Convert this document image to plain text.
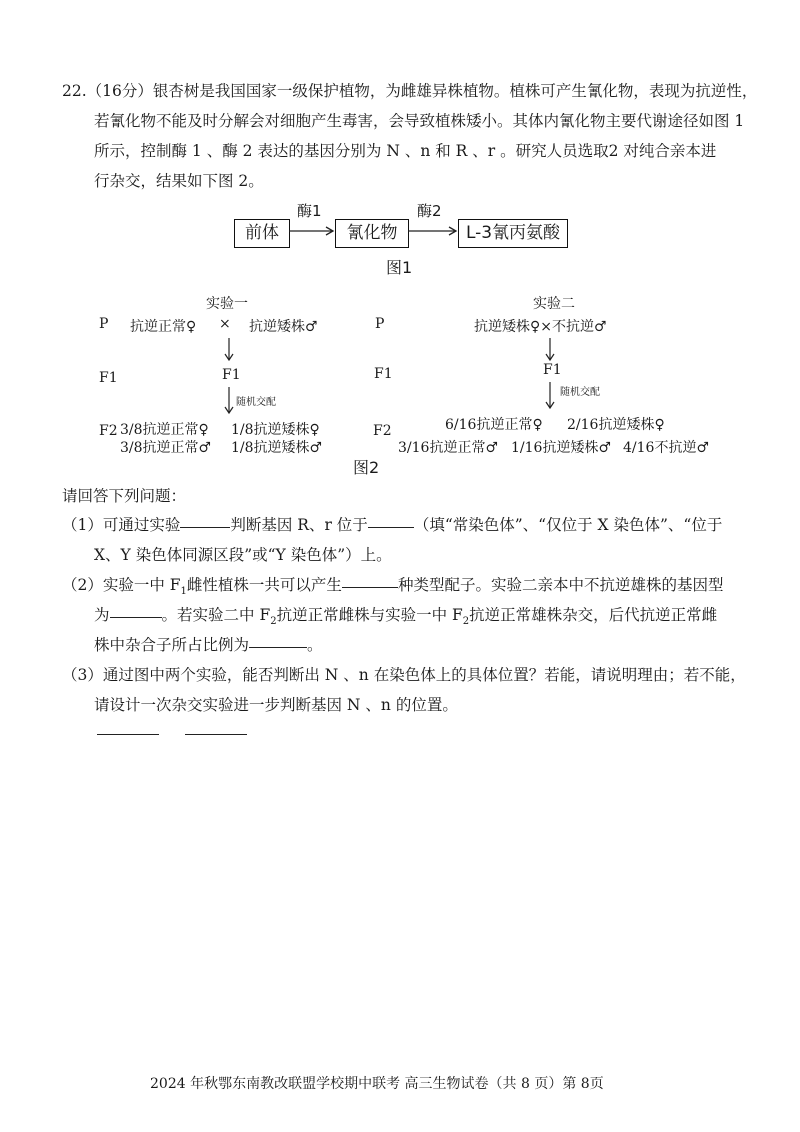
22.（16分）银杏树是我国国家一级保护植物，为雌雄异株植物。植株可产生氰化物，表现为抗逆性，
若氰化物不能及时分解会对细胞产生毒害，会导致植株矮小。其体内氰化物主要代谢途径如图 1
所示，控制酶 1 、酶 2 表达的基因分别为 N 、n 和 R 、r 。研究人员选取2 对纯合亲本进
行杂交，结果如下图 2。
前体
酶1
氰化物
酶2
L-3氰丙氨酸
图1
实验一	实验二
P 抗逆正常♀ × 抗逆矮株♂	P	抗逆矮株♀×不抗逆♂
F1	F1	F1	F1
随机交配
随机交配
F2 3/8抗逆正常♀ 1/8抗逆矮株♀
3/8抗逆正常♂ 1/8抗逆矮株♂
F2	6/16抗逆正常♀ 2/16抗逆矮株♀
3/16抗逆正常♂ 1/16抗逆矮株♂ 4/16不抗逆♂
图2
请回答下列问题：
（1）可通过实验	判断基因 R、r 位于	（填“常染色体”、“仅位于 X 染色体”、“位于
X、Y 染色体同源区段”或“Y 染色体”）上。
（2）实验一中 $F_1$雌性植株一共可以产生	种类型配子。实验二亲本中不抗逆雄株的基因型
为	。若实验二中 $F_2$抗逆正常雌株与实验一中 $F_2$抗逆正常雄株杂交，后代抗逆正常雌
株中杂合子所占比例为	。
（3）通过图中两个实验，能否判断出 N 、n 在染色体上的具体位置？若能，请说明理由；若不能，
请设计一次杂交实验进一步判断基因 N 、n 的位置。
2024 年秋鄂东南教改联盟学校期中联考 高三生物试卷（共 8 页）第 8页
